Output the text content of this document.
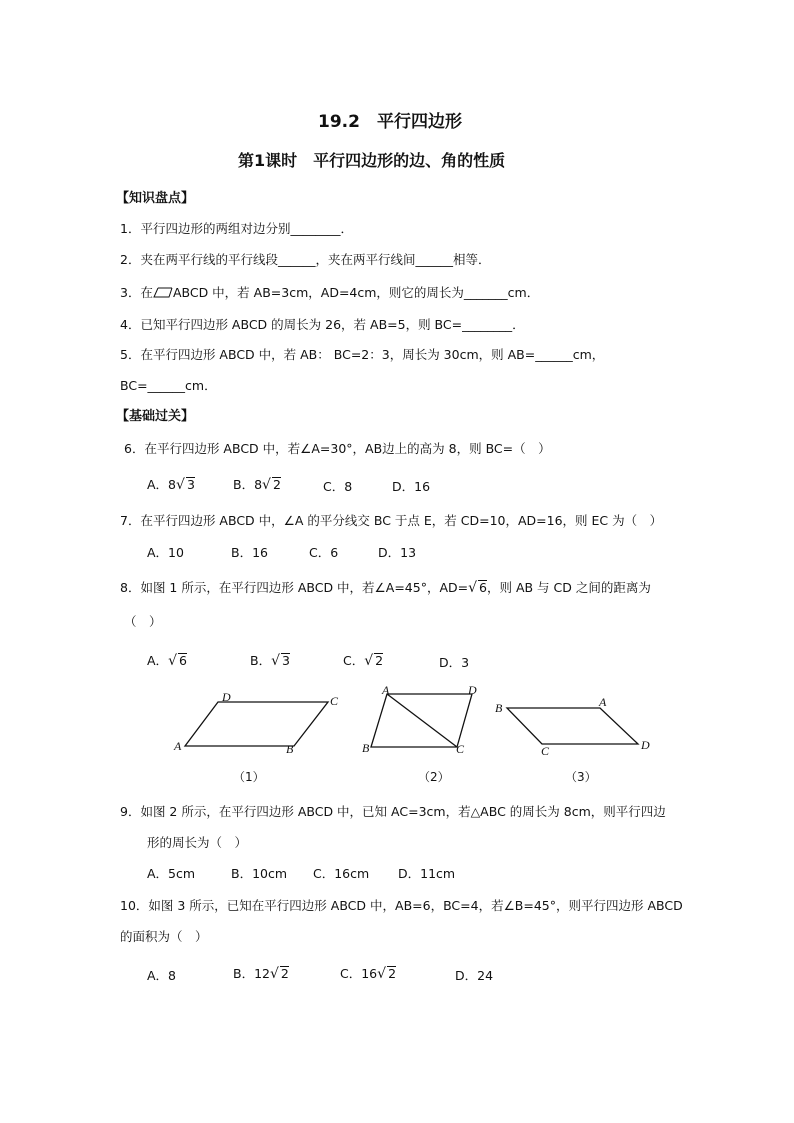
19.2　平行四边形
第1课时　平行四边形的边、角的性质
【知识盘点】
1．平行四边形的两组对边分别________．
2．夹在两平行线的平行线段______，夹在两平行线间______相等．
3．在 ABCD 中，若 AB=3cm，AD=4cm，则它的周长为_______cm．
4．已知平行四边形 ABCD 的周长为 26，若 AB=5，则 BC=________．
5．在平行四边形 ABCD 中，若 AB： BC=2：3，周长为 30cm，则 AB=______cm，
BC=______cm．
【基础过关】
6．在平行四边形 ABCD 中，若∠A=30°，AB边上的高为 8，则 BC=（　）
A．8√ 3	B．8√ 2	C．8	D．16
7．在平行四边形 ABCD 中，∠A 的平分线交 BC 于点 E，若 CD=10，AD=16，则 EC 为（　）
A．10	B．16	C．6	D．13
8．如图 1 所示，在平行四边形 ABCD 中，若∠A=45°，AD=√ 6，则 AB 与 CD 之间的距离为
（　）
A．√ 6	B．√ 3	C．√ 2	D．3
A	B
C
D
（1）
A
B	C
D
（2）
B	A
C	D
（3）
9．如图 2 所示，在平行四边形 ABCD 中，已知 AC=3cm，若△ABC 的周长为 8cm，则平行四边
形的周长为（　）
A．5cm	B．10cm C．16cm D．11cm
10．如图 3 所示，已知在平行四边形 ABCD 中，AB=6，BC=4，若∠B=45°，则平行四边形 ABCD
的面积为（　）
A．8	B．12√ 2	C．16√ 2	D．24
